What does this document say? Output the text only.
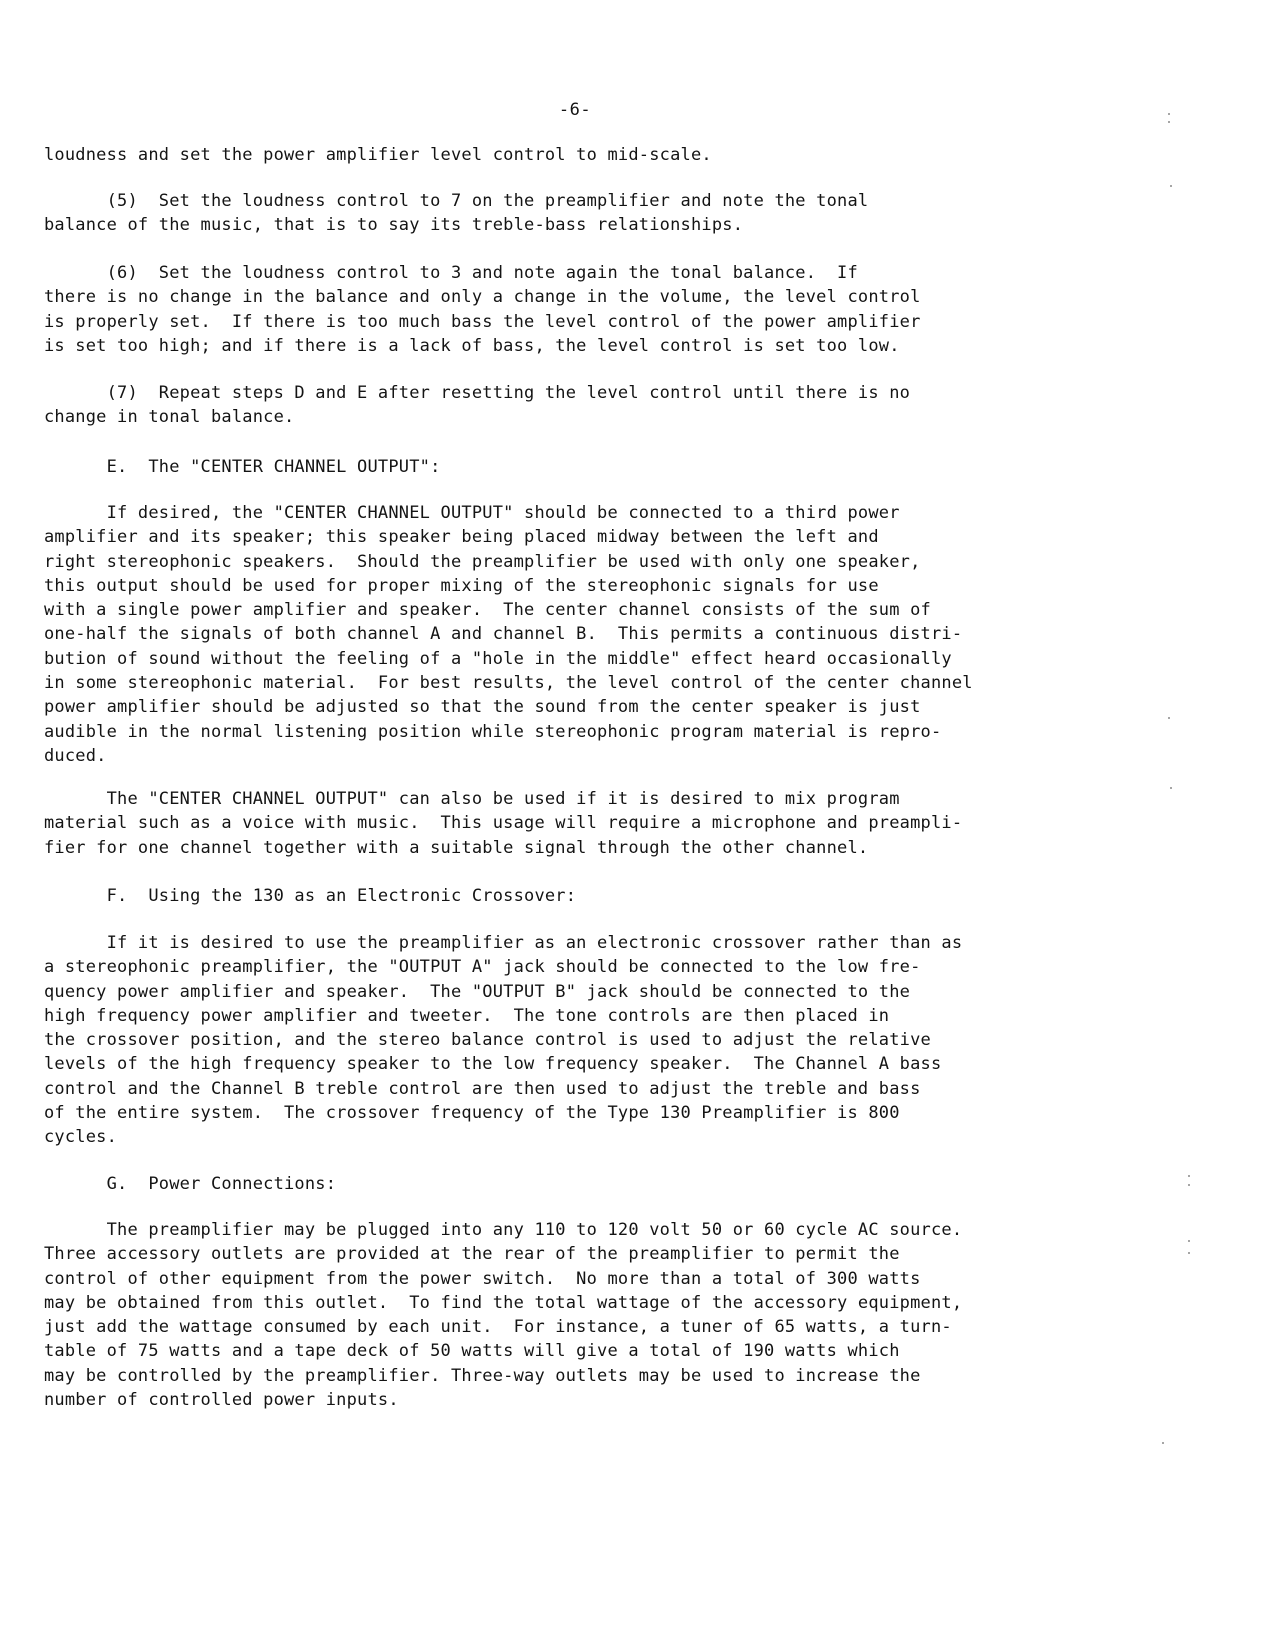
-6-
loudness and set the power amplifier level control to mid-scale.
(5)  Set the loudness control to 7 on the preamplifier and note the tonal
balance of the music, that is to say its treble-bass relationships.
(6)  Set the loudness control to 3 and note again the tonal balance.  If
there is no change in the balance and only a change in the volume, the level control
is properly set.  If there is too much bass the level control of the power amplifier
is set too high; and if there is a lack of bass, the level control is set too low.
(7)  Repeat steps D and E after resetting the level control until there is no
change in tonal balance.
E.  The "CENTER CHANNEL OUTPUT":
If desired, the "CENTER CHANNEL OUTPUT" should be connected to a third power
amplifier and its speaker; this speaker being placed midway between the left and
right stereophonic speakers.  Should the preamplifier be used with only one speaker,
this output should be used for proper mixing of the stereophonic signals for use
with a single power amplifier and speaker.  The center channel consists of the sum of
one-half the signals of both channel A and channel B.  This permits a continuous distri-
bution of sound without the feeling of a "hole in the middle" effect heard occasionally
in some stereophonic material.  For best results, the level control of the center channel
power amplifier should be adjusted so that the sound from the center speaker is just
audible in the normal listening position while stereophonic program material is repro-
duced.
The "CENTER CHANNEL OUTPUT" can also be used if it is desired to mix program
material such as a voice with music.  This usage will require a microphone and preampli-
fier for one channel together with a suitable signal through the other channel.
F.  Using the 130 as an Electronic Crossover:
If it is desired to use the preamplifier as an electronic crossover rather than as
a stereophonic preamplifier, the "OUTPUT A" jack should be connected to the low fre-
quency power amplifier and speaker.  The "OUTPUT B" jack should be connected to the
high frequency power amplifier and tweeter.  The tone controls are then placed in
the crossover position, and the stereo balance control is used to adjust the relative
levels of the high frequency speaker to the low frequency speaker.  The Channel A bass
control and the Channel B treble control are then used to adjust the treble and bass
of the entire system.  The crossover frequency of the Type 130 Preamplifier is 800
cycles.
G.  Power Connections:
The preamplifier may be plugged into any 110 to 120 volt 50 or 60 cycle AC source.
Three accessory outlets are provided at the rear of the preamplifier to permit the
control of other equipment from the power switch.  No more than a total of 300 watts
may be obtained from this outlet.  To find the total wattage of the accessory equipment,
just add the wattage consumed by each unit.  For instance, a tuner of 65 watts, a turn-
table of 75 watts and a tape deck of 50 watts will give a total of 190 watts which
may be controlled by the preamplifier. Three-way outlets may be used to increase the
number of controlled power inputs.
